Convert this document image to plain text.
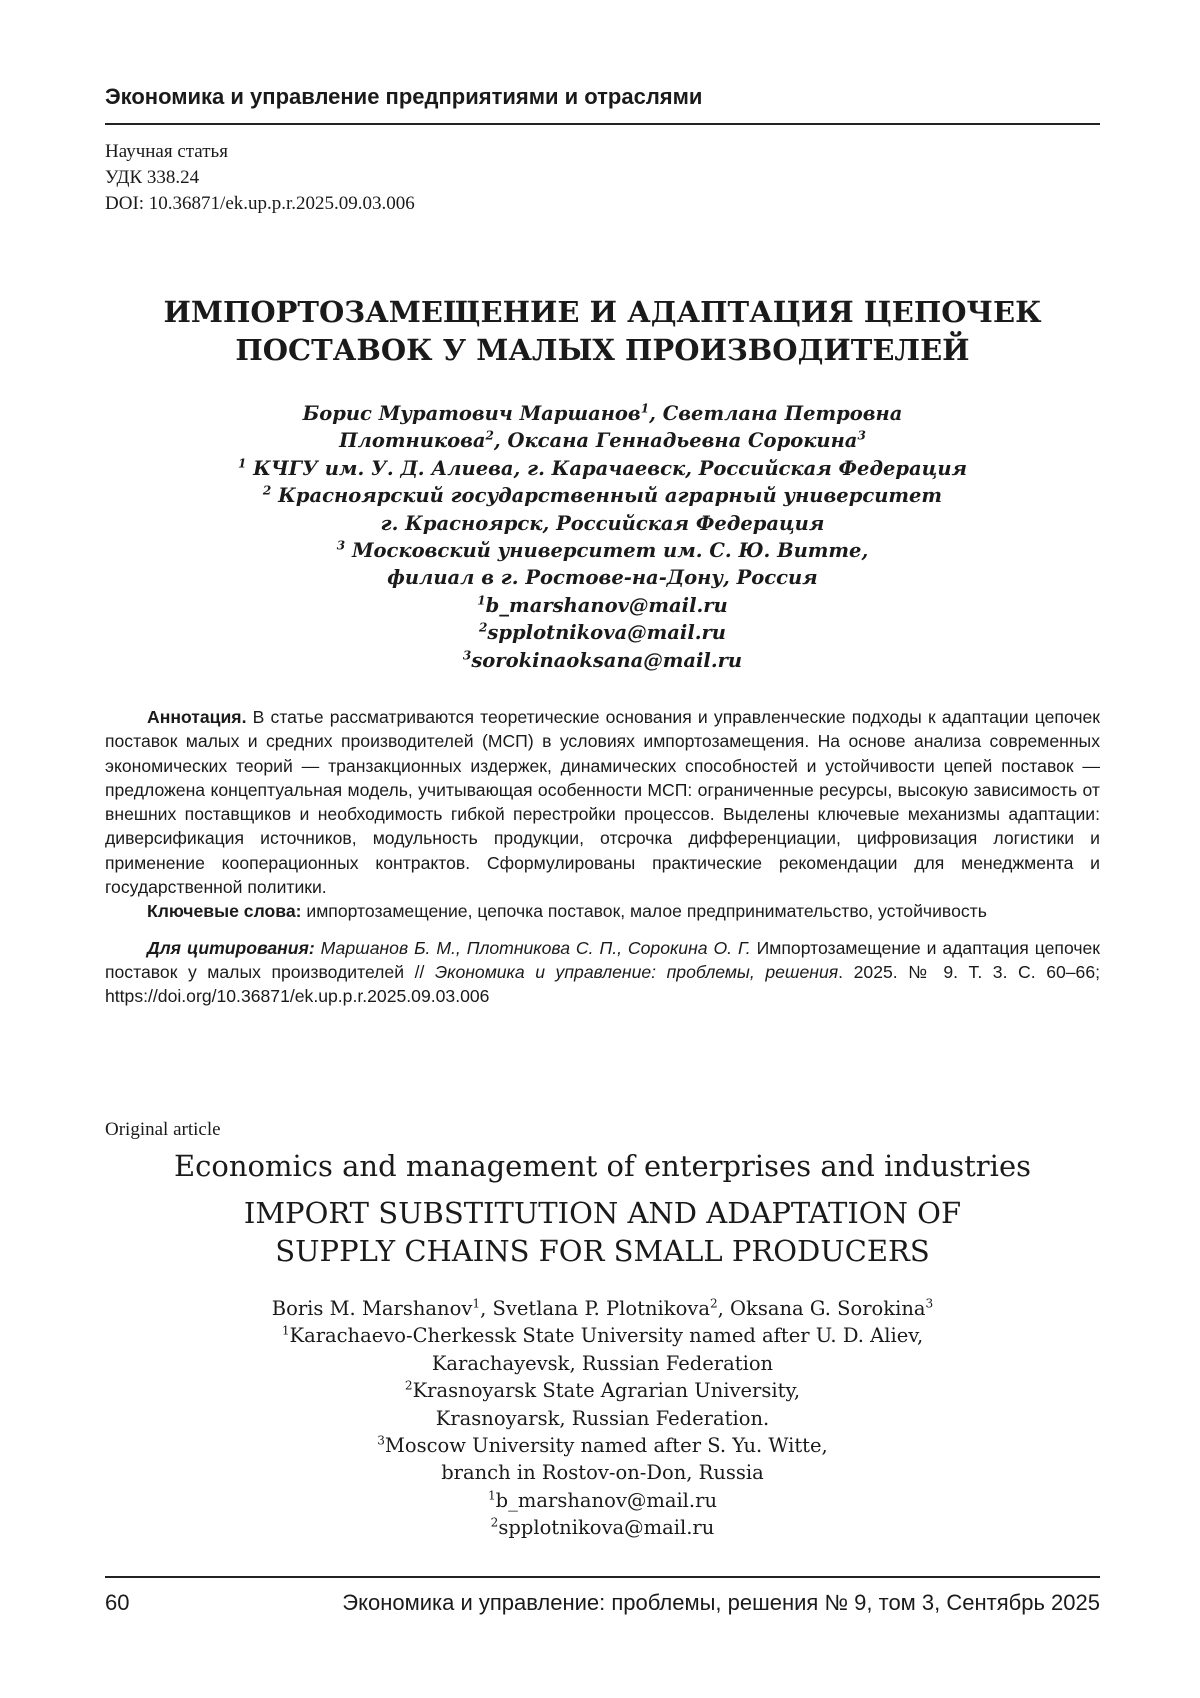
Экономика и управление предприятиями и отраслями
Научная статья
УДК 338.24
DOI: 10.36871/ek.up.p.r.2025.09.03.006
ИМПОРТОЗАМЕЩЕНИЕ И АДАПТАЦИЯ ЦЕПОЧЕК
ПОСТАВОК У МАЛЫХ ПРОИЗВОДИТЕЛЕЙ
Борис Муратович Маршанов$^1$, Светлана Петровна
Плотникова$^2$, Оксана Геннадьевна Сорокина$^3$
$^1$ КЧГУ им. У. Д. Алиева, г. Карачаевск, Российская Федерация
$^2$ Красноярский государственный аграрный университет
г. Красноярск, Российская Федерация
$^3$ Московский университет им. С. Ю. Витте,
филиал в г. Ростове-на-Дону, Россия
$^1$b_marshanov@mail.ru
$^2$spplotnikova@mail.ru
$^3$sorokinaoksana@mail.ru

Аннотация. В статье рассматриваются теоретические основания и управленческие подходы к адаптации цепочек поставок малых и средних производителей (МСП) в условиях импортозамещения. На основе анализа современных экономических теорий — транзакционных издержек, динамических способностей и устойчивости цепей поставок — предложена концептуальная модель, учитывающая особенности МСП: ограниченные ресурсы, высокую зависимость от внешних поставщиков и необходимость гибкой перестройки процессов. Выделены ключевые механизмы адаптации: диверсификация источников, модульность продукции, отсрочка дифференциации, цифровизация логистики и применение кооперационных контрактов. Сформулированы практические рекомендации для менеджмента и государственной политики.

Ключевые слова: импортозамещение, цепочка поставок, малое предпринимательство, устойчивость

Для цитирования: Маршанов Б. М., Плотникова С. П., Сорокина О. Г. Импортозамещение и адаптация цепочек поставок у малых производителей // Экономика и управление: проблемы, решения. 2025. № 9. Т. 3. С. 60–66; https://doi.org/10.36871/ek.up.p.r.2025.09.03.006

Original article
Economics and management of enterprises and industries
IMPORT SUBSTITUTION AND ADAPTATION OF
SUPPLY CHAINS FOR SMALL PRODUCERS
Boris M. Marshanov$^1$, Svetlana P. Plotnikova$^2$, Oksana G. Sorokina$^3$
$^1$Karachaevo-Cherkessk State University named after U. D. Aliev,
Karachayevsk, Russian Federation
$^2$Krasnoyarsk State Agrarian University,
Krasnoyarsk, Russian Federation.
$^3$Moscow University named after S. Yu. Witte,
branch in Rostov-on-Don, Russia
$^1$b_marshanov@mail.ru
$^2$spplotnikova@mail.ru
60	Экономика и управление: проблемы, решения № 9, том 3, Сентябрь 2025
